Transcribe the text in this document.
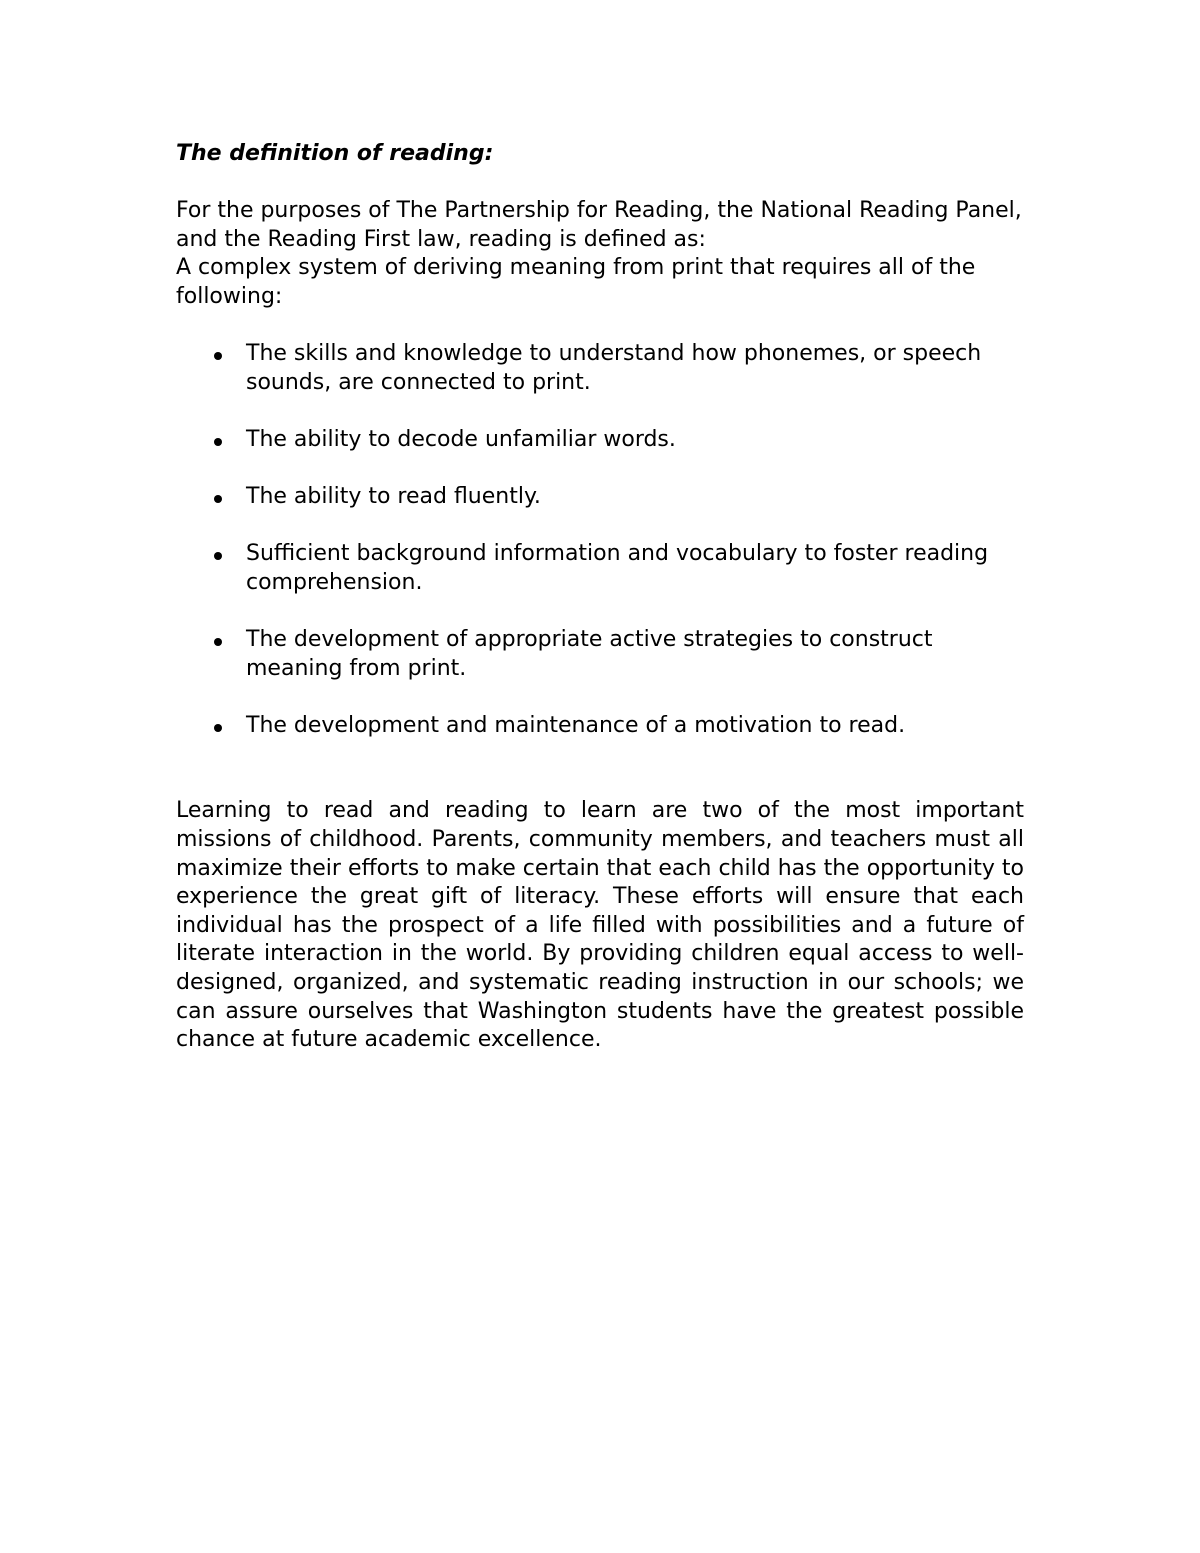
The definition of reading:

For the purposes of The Partnership for Reading, the National Reading Panel, and the Reading First law, reading is defined as:
A complex system of deriving meaning from print that requires all of the following:

The skills and knowledge to understand how phonemes, or speech sounds, are connected to print.
The ability to decode unfamiliar words.
The ability to read fluently.
Sufficient background information and vocabulary to foster reading comprehension.
The development of appropriate active strategies to construct meaning from print.
The development and maintenance of a motivation to read.

Learning to read and reading to learn are two of the most important missions of childhood. Parents, community members, and teachers must all maximize their efforts to make certain that each child has the opportunity to experience the great gift of literacy. These efforts will ensure that each individual has the prospect of a life filled with possibilities and a future of literate interaction in the world. By providing children equal access to well-designed, organized, and systematic reading instruction in our schools; we can assure ourselves that Washington students have the greatest possible chance at future academic excellence.
